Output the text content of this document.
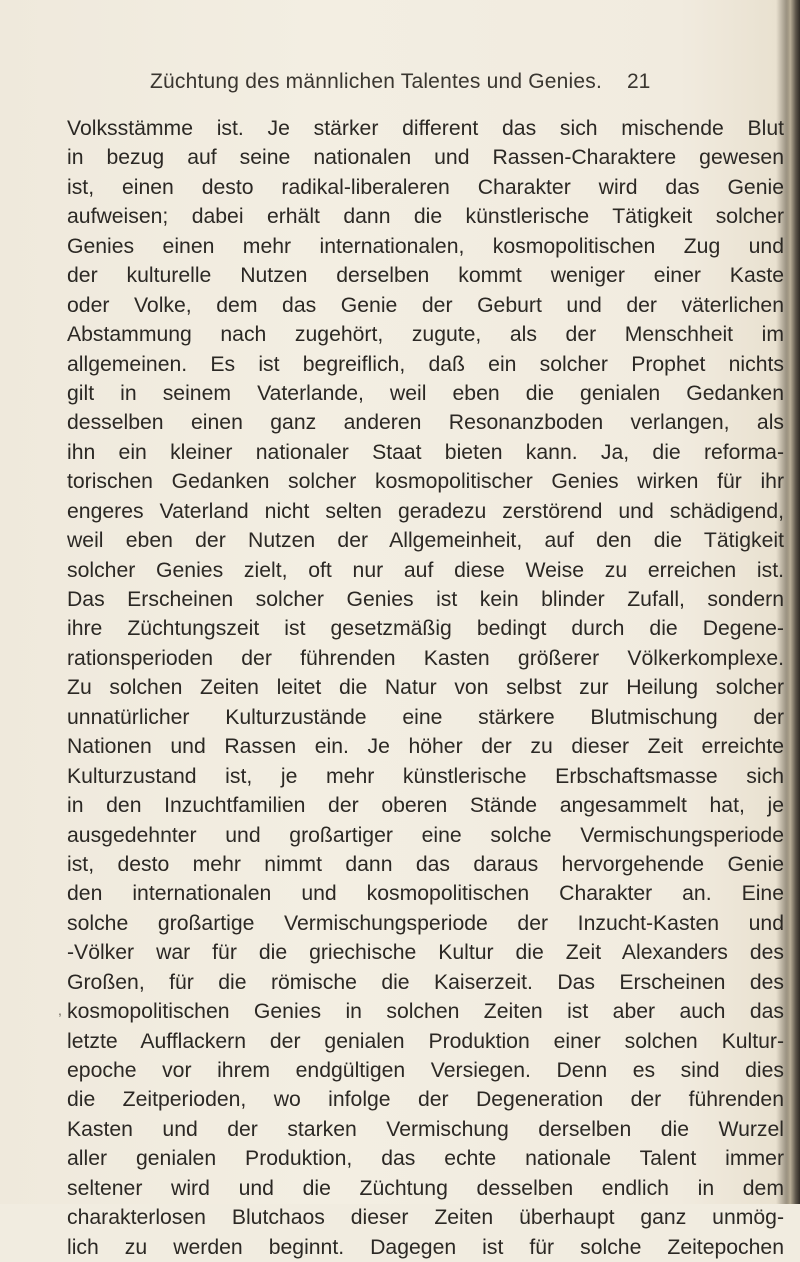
Züchtung des männlichen Talentes und Genies. 21
Volksstämme ist. Je stärker different das sich mischende Blut
in bezug auf seine nationalen und Rassen-Charaktere gewesen
ist, einen desto radikal-liberaleren Charakter wird das Genie
aufweisen; dabei erhält dann die künstlerische Tätigkeit solcher
Genies einen mehr internationalen, kosmopolitischen Zug und
der kulturelle Nutzen derselben kommt weniger einer Kaste
oder Volke, dem das Genie der Geburt und der väterlichen
Abstammung nach zugehört, zugute, als der Menschheit im
allgemeinen. Es ist begreiflich, daß ein solcher Prophet nichts
gilt in seinem Vaterlande, weil eben die genialen Gedanken
desselben einen ganz anderen Resonanzboden verlangen, als
ihn ein kleiner nationaler Staat bieten kann. Ja, die reforma-
torischen Gedanken solcher kosmopolitischer Genies wirken für ihr
engeres Vaterland nicht selten geradezu zerstörend und schädigend,
weil eben der Nutzen der Allgemeinheit, auf den die Tätigkeit
solcher Genies zielt, oft nur auf diese Weise zu erreichen ist.
Das Erscheinen solcher Genies ist kein blinder Zufall, sondern
ihre Züchtungszeit ist gesetzmäßig bedingt durch die Degene-
rationsperioden der führenden Kasten größerer Völkerkomplexe.
Zu solchen Zeiten leitet die Natur von selbst zur Heilung solcher
unnatürlicher Kulturzustände eine stärkere Blutmischung der
Nationen und Rassen ein. Je höher der zu dieser Zeit erreichte
Kulturzustand ist, je mehr künstlerische Erbschaftsmasse sich
in den Inzuchtfamilien der oberen Stände angesammelt hat, je
ausgedehnter und großartiger eine solche Vermischungsperiode
ist, desto mehr nimmt dann das daraus hervorgehende Genie
den internationalen und kosmopolitischen Charakter an. Eine
solche großartige Vermischungsperiode der Inzucht-Kasten und
-Völker war für die griechische Kultur die Zeit Alexanders des
Großen, für die römische die Kaiserzeit. Das Erscheinen des
kosmopolitischen Genies in solchen Zeiten ist aber auch das
letzte Aufflackern der genialen Produktion einer solchen Kultur-
epoche vor ihrem endgültigen Versiegen. Denn es sind dies
die Zeitperioden, wo infolge der Degeneration der führenden
Kasten und der starken Vermischung derselben die Wurzel
aller genialen Produktion, das echte nationale Talent immer
seltener wird und die Züchtung desselben endlich in dem
charakterlosen Blutchaos dieser Zeiten überhaupt ganz unmög-
lich zu werden beginnt. Dagegen ist für solche Zeitepochen
,
